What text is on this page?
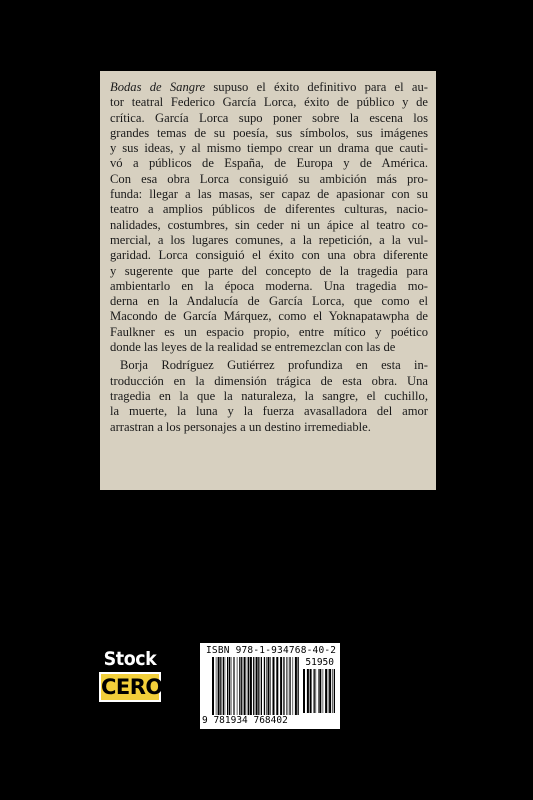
Bodas de Sangre supuso el éxito definitivo para el au-
tor teatral Federico García Lorca, éxito de público y de
crítica. García Lorca supo poner sobre la escena los
grandes temas de su poesía, sus símbolos, sus imágenes
y sus ideas, y al mismo tiempo crear un drama que cauti-
vó a públicos de España, de Europa y de América.
Con esa obra Lorca consiguió su ambición más pro-
funda: llegar a las masas, ser capaz de apasionar con su
teatro a amplios públicos de diferentes culturas, nacio-
nalidades, costumbres, sin ceder ni un ápice al teatro co-
mercial, a los lugares comunes, a la repetición, a la vul-
garidad. Lorca consiguió el éxito con una obra diferente
y sugerente que parte del concepto de la tragedia para
ambientarlo en la época moderna. Una tragedia mo-
derna en la Andalucía de García Lorca, que como el
Macondo de García Márquez, como el Yoknapatawpha de
Faulkner es un espacio propio, entre mítico y poético
donde las leyes de la realidad se entremezclan con las de

Borja Rodríguez Gutiérrez profundiza en esta in-
troducción en la dimensión trágica de esta obra. Una
tragedia en la que la naturaleza, la sangre, el cuchillo,
la muerte, la luna y la fuerza avasalladora del amor
arrastran a los personajes a un destino irremediable.

Stock
CERO
ISBN 978-1-934768-40-2
51950
9 781934 768402
